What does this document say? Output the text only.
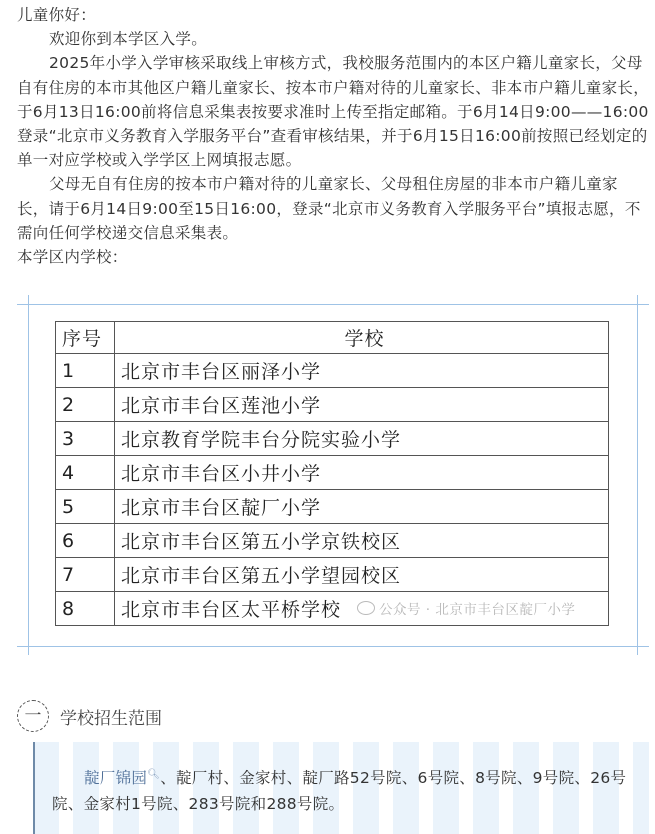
儿童你好：
欢迎你到本学区入学。
2025年小学入学审核采取线上审核方式，我校服务范围内的本区户籍儿童家长，父母自有住房的本市其他区户籍儿童家长、按本市户籍对待的儿童家长、非本市户籍儿童家长，于6月13日16:00前将信息采集表按要求准时上传至指定邮箱。于6月14日9:00——16:00登录“北京市义务教育入学服务平台”查看审核结果，并于6月15日16:00前按照已经划定的单一对应学校或入学学区上网填报志愿。
父母无自有住房的按本市户籍对待的儿童家长、父母租住房屋的非本市户籍儿童家长，请于6月14日9:00至15日16:00，登录“北京市义务教育入学服务平台”填报志愿，不需向任何学校递交信息采集表。
本学区内学校：
序号	学校
1	北京市丰台区丽泽小学
2	北京市丰台区莲池小学
3	北京教育学院丰台分院实验小学
4	北京市丰台区小井小学
5	北京市丰台区靛厂小学
6	北京市丰台区第五小学京铁校区
7	北京市丰台区第五小学望园校区
8	北京市丰台区太平桥学校	公众号 · 北京市丰台区靛厂小学
一	学校招生范围
靛厂锦园🔍︎、靛厂村、金家村、靛厂路52号院、6号院、8号院、9号院、26号院、金家村1号院、283号院和288号院。
